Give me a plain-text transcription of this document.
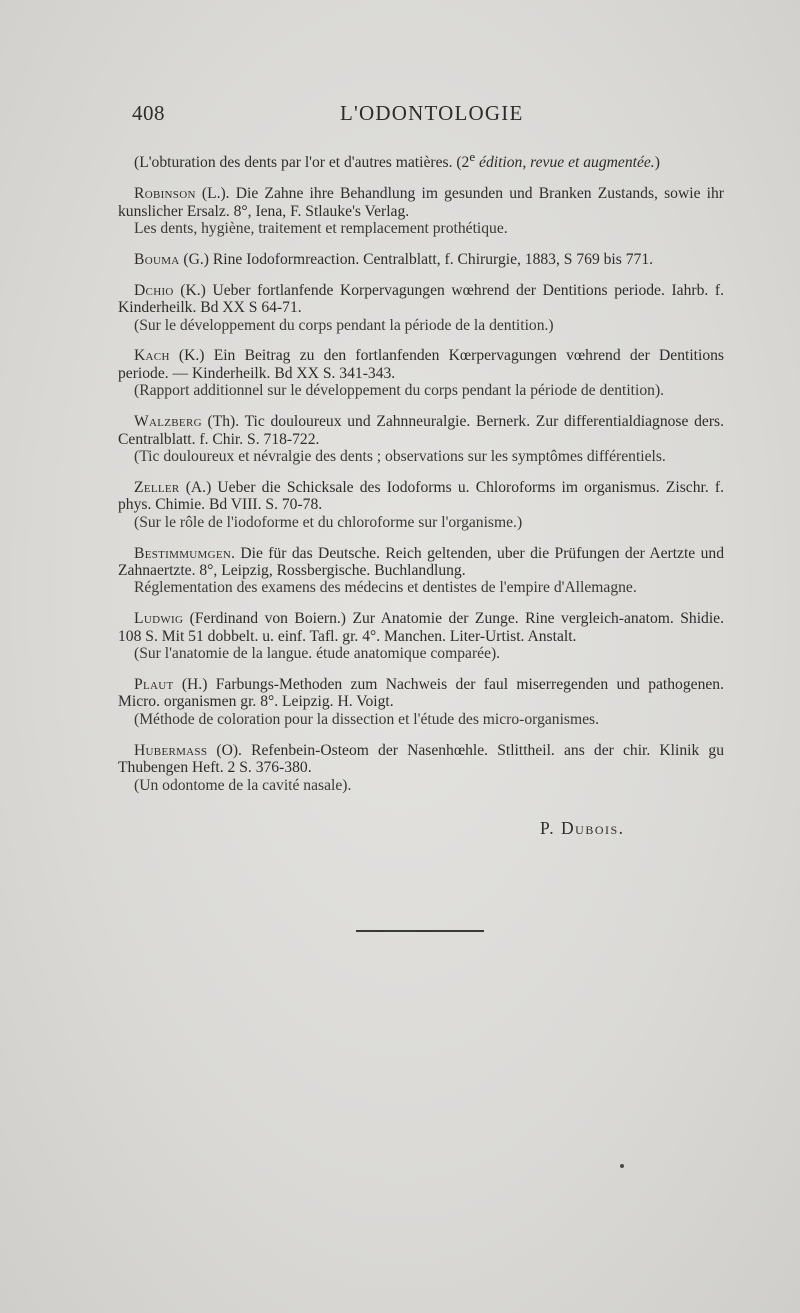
408	L'ODONTOLOGIE

(L'obturation des dents par l'or et d'autres matières. (2e édition, revue et augmentée.)

Robinson (L.). Die Zahne ihre Behandlung im gesunden und Branken Zustands, sowie ihr kunslicher Ersalz. 8°, Iena, F. Stlauke's Verlag.

Les dents, hygiène, traitement et remplacement prothétique.

Bouma (G.) Rine Iodoformreaction. Centralblatt, f. Chirurgie, 1883, S 769 bis 771.

Dchio (K.) Ueber fortlanfende Korpervagungen wœhrend der Dentitions periode. Iahrb. f. Kinderheilk. Bd XX S 64-71.

(Sur le développement du corps pendant la période de la dentition.)

Kach (K.) Ein Beitrag zu den fortlanfenden Kœrpervagungen vœhrend der Dentitions periode. — Kinderheilk. Bd XX S. 341-343.

(Rapport additionnel sur le développement du corps pendant la période de dentition).

Walzberg (Th). Tic douloureux und Zahnneuralgie. Bernerk. Zur differentialdiagnose ders. Centralblatt. f. Chir. S. 718-722.

(Tic douloureux et névralgie des dents ; observations sur les symptômes différentiels.

Zeller (A.) Ueber die Schicksale des Iodoforms u. Chloroforms im organismus. Zischr. f. phys. Chimie. Bd VIII. S. 70-78.

(Sur le rôle de l'iodoforme et du chloroforme sur l'organisme.)

Bestimmumgen. Die für das Deutsche. Reich geltenden, uber die Prüfungen der Aertzte und Zahnaertzte. 8°, Leipzig, Rossbergische. Buchlandlung.

Réglementation des examens des médecins et dentistes de l'empire d'Allemagne.

Ludwig (Ferdinand von Boiern.) Zur Anatomie der Zunge. Rine vergleich-anatom. Shidie. 108 S. Mit 51 dobbelt. u. einf. Tafl. gr. 4°. Manchen. Liter-Urtist. Anstalt.

(Sur l'anatomie de la langue. étude anatomique comparée).

Plaut (H.) Farbungs-Methoden zum Nachweis der faul miserregenden und pathogenen. Micro. organismen gr. 8°. Leipzig. H. Voigt.

(Méthode de coloration pour la dissection et l'étude des micro-organismes.

Hubermass (O). Refenbein-Osteom der Nasenhœhle. Stlittheil. ans der chir. Klinik gu Thubengen Heft. 2 S. 376-380.

(Un odontome de la cavité nasale).

P. Dubois.
